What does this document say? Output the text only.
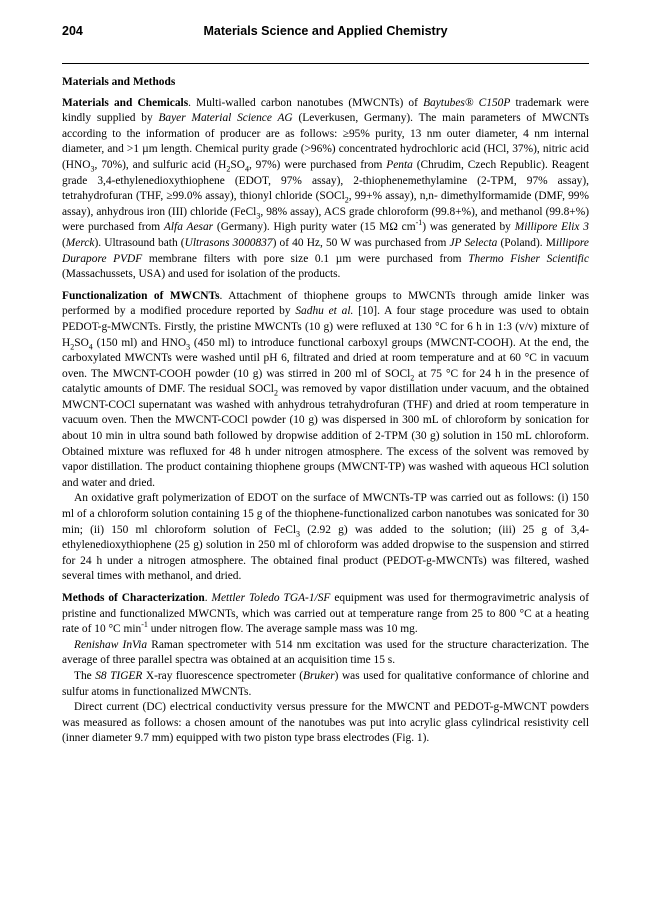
204	Materials Science and Applied Chemistry

Materials and Methods

Materials and Chemicals. Multi-walled carbon nanotubes (MWCNTs) of Baytubes® C150P trademark were kindly supplied by Bayer Material Science AG (Leverkusen, Germany). The main parameters of MWCNTs according to the information of producer are as follows: ≥95% purity, 13 nm outer diameter, 4 nm internal diameter, and >1 µm length. Chemical purity grade (>96%) concentrated hydrochloric acid (HCl, 37%), nitric acid ($HNO_3$, 70%), and sulfuric acid ($H_2SO_4$, 97%) were purchased from Penta (Chrudim, Czech Republic). Reagent grade 3,4-ethylenedioxythiophene (EDOT, 97% assay), 2-thiophenemethylamine (2-TPM, 97% assay), tetrahydrofuran (THF, ≥99.0% assay), thionyl chloride (SOCl$_2$, 99+% assay), n,n- dimethylformamide (DMF, 99% assay), anhydrous iron (III) chloride (FeCl$_3$, 98% assay), ACS grade chloroform (99.8+%), and methanol (99.8+%) were purchased from Alfa Aesar (Germany). High purity water (15 MΩ $cm^{-1}$) was generated by Millipore Elix 3 (Merck). Ultrasound bath (Ultrasons 3000837) of 40 Hz, 50 W was purchased from JP Selecta (Poland). Millipore Durapore PVDF membrane filters with pore size 0.1 µm were purchased from Thermo Fisher Scientific (Massachussets, USA) and used for isolation of the products.

Functionalization of MWCNTs. Attachment of thiophene groups to MWCNTs through amide linker was performed by a modified procedure reported by Sadhu et al. [10]. A four stage procedure was used to obtain PEDOT-g-MWCNTs. Firstly, the pristine MWCNTs (10 g) were refluxed at 130 °C for 6 h in 1:3 (v/v) mixture of $H_2SO_4$ (150 ml) and $HNO_3$ (450 ml) to introduce functional carboxyl groups (MWCNT-COOH). At the end, the carboxylated MWCNTs were washed until pH 6, filtrated and dried at room temperature and at 60 °C in vacuum oven. The MWCNT-COOH powder (10 g) was stirred in 200 ml of SOCl$_2$ at 75 °C for 24 h in the presence of catalytic amounts of DMF. The residual SOCl$_2$ was removed by vapor distillation under vacuum, and the obtained MWCNT-COCl supernatant was washed with anhydrous tetrahydrofuran (THF) and dried at room temperature in vacuum oven. Then the MWCNT-COCl powder (10 g) was dispersed in 300 mL of chloroform by sonication for about 10 min in ultra sound bath followed by dropwise addition of 2-TPM (30 g) solution in 150 mL chloroform. Obtained mixture was refluxed for 48 h under nitrogen atmosphere. The excess of the solvent was removed by vapor distillation. The product containing thiophene groups (MWCNT-TP) was washed with aqueous HCl solution and water and dried.

An oxidative graft polymerization of EDOT on the surface of MWCNTs-TP was carried out as follows: (i) 150 ml of a chloroform solution containing 15 g of the thiophene-functionalized carbon nanotubes was sonicated for 30 min; (ii) 150 ml chloroform solution of FeCl$_3$ (2.92 g) was added to the solution; (iii) 25 g of 3,4-ethylenedioxythiophene (25 g) solution in 250 ml of chloroform was added dropwise to the suspension and stirred for 24 h under a nitrogen atmosphere. The obtained final product (PEDOT-g-MWCNTs) was filtered, washed several times with methanol, and dried.

Methods of Characterization. Mettler Toledo TGA-1/SF equipment was used for thermogravimetric analysis of pristine and functionalized MWCNTs, which was carried out at temperature range from 25 to 800 °C at a heating rate of 10 °C $\min^{-1}$ under nitrogen flow. The average sample mass was 10 mg.

Renishaw InVia Raman spectrometer with 514 nm excitation was used for the structure characterization. The average of three parallel spectra was obtained at an acquisition time 15 s.

The S8 TIGER X-ray fluorescence spectrometer (Bruker) was used for qualitative conformance of chlorine and sulfur atoms in functionalized MWCNTs.

Direct current (DC) electrical conductivity versus pressure for the MWCNT and PEDOT-g-MWCNT powders was measured as follows: a chosen amount of the nanotubes was put into acrylic glass cylindrical resistivity cell (inner diameter 9.7 mm) equipped with two piston type brass electrodes (Fig. 1).
